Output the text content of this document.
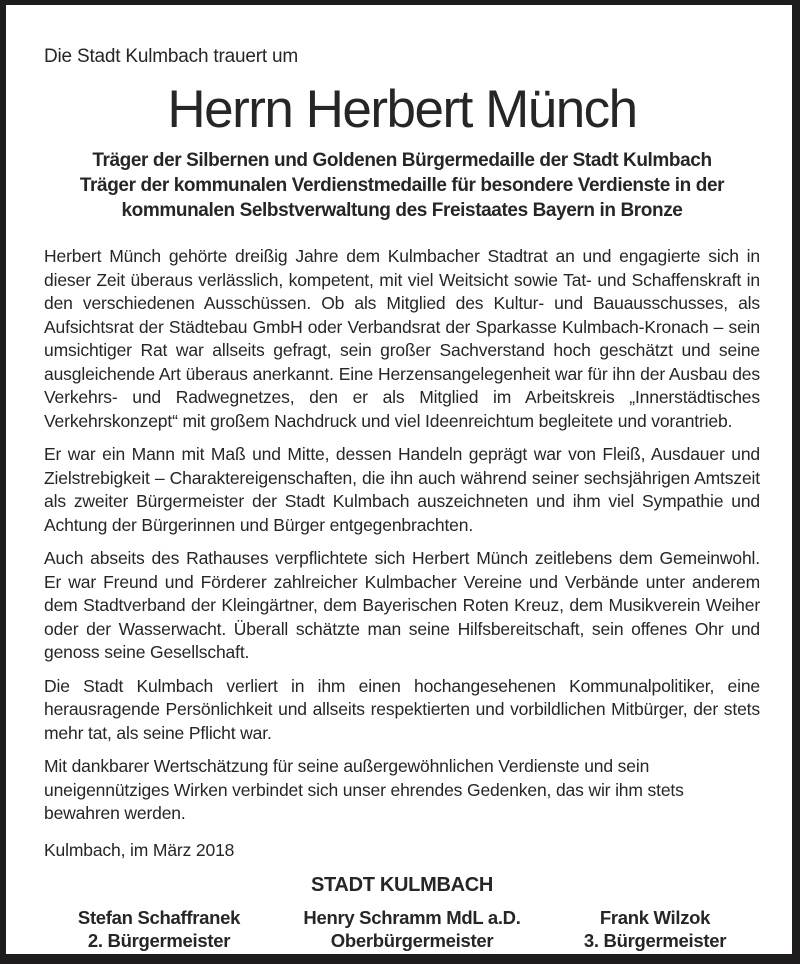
Die Stadt Kulmbach trauert um
Herrn Herbert Münch
Träger der Silbernen und Goldenen Bürgermedaille der Stadt Kulmbach
Träger der kommunalen Verdienstmedaille für besondere Verdienste in der kommunalen Selbstverwaltung des Freistaates Bayern in Bronze

Herbert Münch gehörte dreißig Jahre dem Kulmbacher Stadtrat an und engagierte sich in dieser Zeit überaus verlässlich, kompetent, mit viel Weitsicht sowie Tat- und Schaffenskraft in den verschiedenen Ausschüssen. Ob als Mitglied des Kultur- und Bauausschusses, als Aufsichtsrat der Städtebau GmbH oder Verbandsrat der Sparkasse Kulmbach-Kronach – sein umsichtiger Rat war allseits gefragt, sein großer Sachverstand hoch geschätzt und seine ausgleichende Art überaus anerkannt. Eine Herzensangelegenheit war für ihn der Ausbau des Verkehrs- und Radwegnetzes, den er als Mitglied im Arbeitskreis „Innerstädtisches Verkehrskonzept“ mit großem Nachdruck und viel Ideenreichtum begleitete und vorantrieb.

Er war ein Mann mit Maß und Mitte, dessen Handeln geprägt war von Fleiß, Ausdauer und Zielstrebigkeit – Charaktereigenschaften, die ihn auch während seiner sechsjährigen Amtszeit als zweiter Bürgermeister der Stadt Kulmbach auszeichneten und ihm viel Sympathie und Achtung der Bürgerinnen und Bürger entgegenbrachten.

Auch abseits des Rathauses verpflichtete sich Herbert Münch zeitlebens dem Gemeinwohl. Er war Freund und Förderer zahlreicher Kulmbacher Vereine und Verbände unter anderem dem Stadtverband der Kleingärtner, dem Bayerischen Roten Kreuz, dem Musikverein Weiher oder der Wasserwacht. Überall schätzte man seine Hilfsbereitschaft, sein offenes Ohr und genoss seine Gesellschaft.

Die Stadt Kulmbach verliert in ihm einen hochangesehenen Kommunalpolitiker, eine herausragende Persönlichkeit und allseits respektierten und vorbildlichen Mitbürger, der stets mehr tat, als seine Pflicht war.

Mit dankbarer Wertschätzung für seine außergewöhnlichen Verdienste und sein uneigennütziges Wirken verbindet sich unser ehrendes Gedenken, das wir ihm stets bewahren werden.

Kulmbach, im März 2018
STADT KULMBACH
Stefan Schaffranek
2. Bürgermeister
Henry Schramm MdL a.D.
Oberbürgermeister
Frank Wilzok
3. Bürgermeister
